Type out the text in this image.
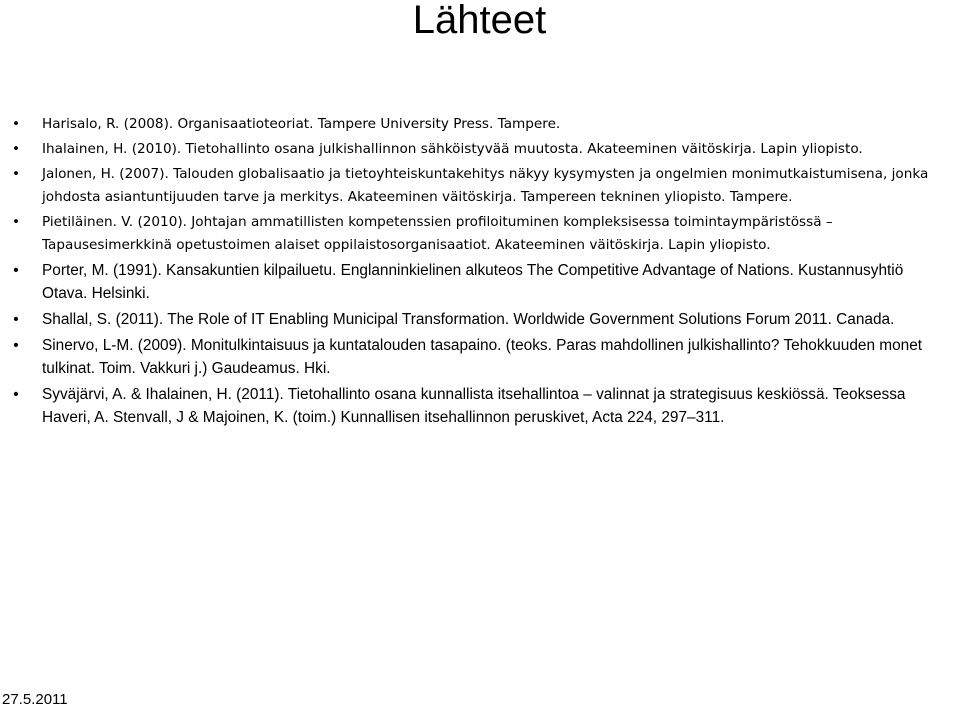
Lähteet
• Harisalo, R. (2008). Organisaatioteoriat. Tampere University Press. Tampere.
• Ihalainen, H. (2010). Tietohallinto osana julkishallinnon sähköistyvää muutosta. Akateeminen väitöskirja. Lapin yliopisto.
• Jalonen, H. (2007). Talouden globalisaatio ja tietoyhteiskuntakehitys näkyy kysymysten ja ongelmien monimutkaistumisena, jonka johdosta asiantuntijuuden tarve ja merkitys. Akateeminen väitöskirja. Tampereen tekninen yliopisto. Tampere.
• Pietiläinen. V. (2010). Johtajan ammatillisten kompetenssien profiloituminen kompleksisessa toimintaympäristössä – Tapausesimerkkinä opetustoimen alaiset oppilaistosorganisaatiot. Akateeminen väitöskirja. Lapin yliopisto.
• Porter, M. (1991). Kansakuntien kilpailuetu. Englanninkielinen alkuteos The Competitive Advantage of Nations. Kustannusyhtiö Otava. Helsinki.
• Shallal, S. (2011). The Role of IT Enabling Municipal Transformation. Worldwide Government Solutions Forum 2011. Canada.
• Sinervo, L-M. (2009). Monitulkintaisuus ja kuntatalouden tasapaino. (teoks. Paras mahdollinen julkishallinto? Tehokkuuden monet tulkinat. Toim. Vakkuri j.) Gaudeamus. Hki.
• Syväjärvi, A. & Ihalainen, H. (2011). Tietohallinto osana kunnallista itsehallintoa – valinnat ja strategisuus keskiössä. Teoksessa Haveri, A. Stenvall, J & Majoinen, K. (toim.) Kunnallisen itsehallinnon peruskivet, Acta 224, 297–311.
27.5.2011
